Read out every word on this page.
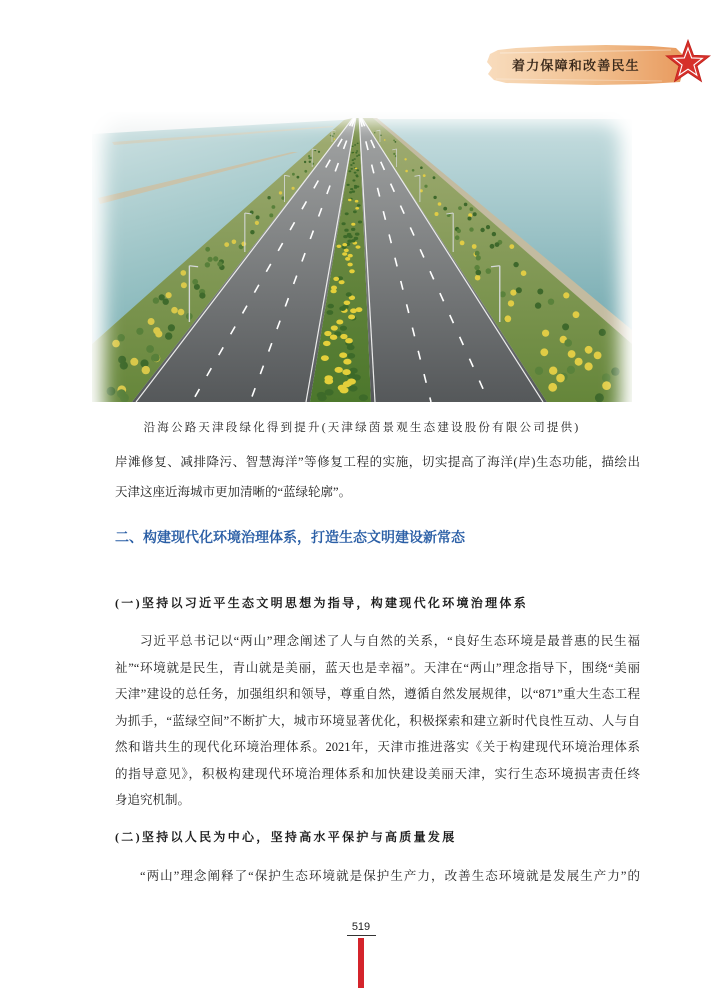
着力保障和改善民生
沿海公路天津段绿化得到提升(天津绿茵景观生态建设股份有限公司提供)
岸滩修复、减排降污、智慧海洋”等修复工程的实施，切实提高了海洋(岸)生态功能，描绘出
天津这座近海城市更加清晰的“蓝绿轮廓”。
二、构建现代化环境治理体系，打造生态文明建设新常态
(一)坚持以习近平生态文明思想为指导，构建现代化环境治理体系
习近平总书记以“两山”理念阐述了人与自然的关系，“良好生态环境是最普惠的民生福
祉”“环境就是民生，青山就是美丽，蓝天也是幸福”。天津在“两山”理念指导下，围绕“美丽
天津”建设的总任务，加强组织和领导，尊重自然，遵循自然发展规律，以“871”重大生态工程
为抓手，“蓝绿空间”不断扩大，城市环境显著优化，积极探索和建立新时代良性互动、人与自
然和谐共生的现代化环境治理体系。2021年，天津市推进落实《关于构建现代环境治理体系
的指导意见》，积极构建现代环境治理体系和加快建设美丽天津，实行生态环境损害责任终
身追究机制。
(二)坚持以人民为中心，坚持高水平保护与高质量发展
“两山”理念阐释了“保护生态环境就是保护生产力，改善生态环境就是发展生产力”的
519
